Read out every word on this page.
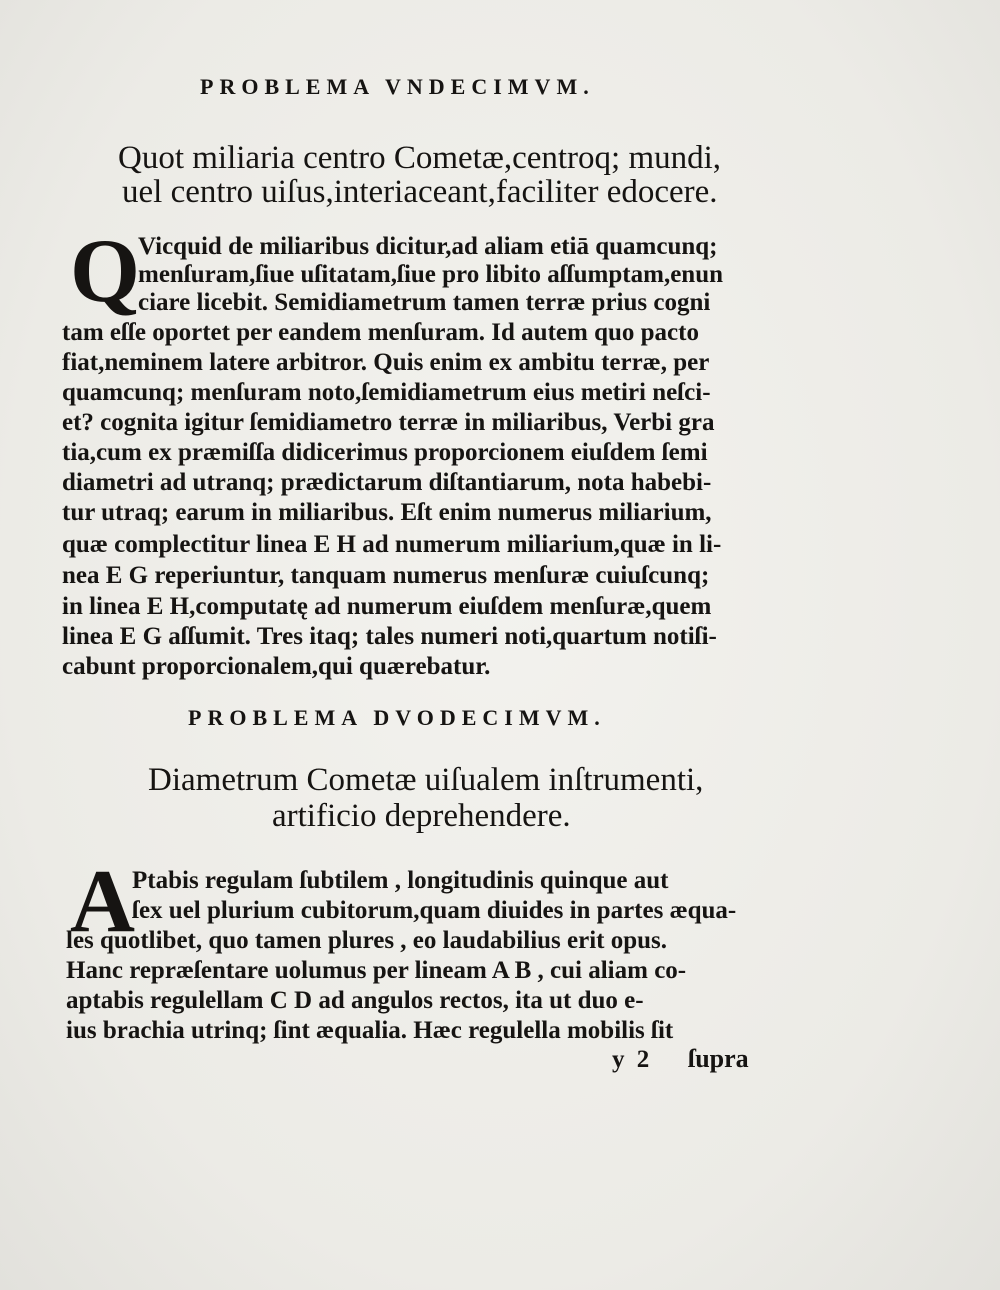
PROBLEMA VNDECIMVM.
Quot miliaria centro Cometæ,centroq; mundi,
uel centro uiſus,interiaceant,faciliter edocere.
Q
Vicquid de miliaribus dicitur,ad aliam etiā quamcunq;
menſuram,ſiue uſitatam,ſiue pro libito aſſumptam,enun
ciare licebit. Semidiametrum tamen terræ prius cogni
tam eſſe oportet per eandem menſuram. Id autem quo pacto
fiat,neminem latere arbitror. Quis enim ex ambitu terræ, per
quamcunq; menſuram noto,ſemidiametrum eius metiri neſci-
et? cognita igitur ſemidiametro terræ in miliaribus, Verbi gra
tia,cum ex præmiſſa didicerimus proporcionem eiuſdem ſemi
diametri ad utranq; prædictarum diſtantiarum, nota habebi-
tur utraq; earum in miliaribus. Eſt enim numerus miliarium,
quæ complectitur linea E H ad numerum miliarium,quæ in li-
nea E G reperiuntur, tanquam numerus menſuræ cuiuſcunq;
in linea E H,computatę ad numerum eiuſdem menſuræ,quem
linea E G aſſumit. Tres itaq; tales numeri noti,quartum notiſi-
cabunt proporcionalem,qui quærebatur.
PROBLEMA DVODECIMVM.
Diametrum Cometæ uiſualem inſtrumenti,
artificio deprehendere.
A
Ptabis regulam ſubtilem , longitudinis quinque aut
ſex uel plurium cubitorum,quam diuides in partes æqua-
les quotlibet, quo tamen plures , eo laudabilius erit opus.
Hanc repræſentare uolumus per lineam A B , cui aliam co-
aptabis regulellam C D ad angulos rectos, ita ut duo e-
ius brachia utrinq; ſint æqualia. Hæc regulella mobilis ſit
y 2 ſupra
